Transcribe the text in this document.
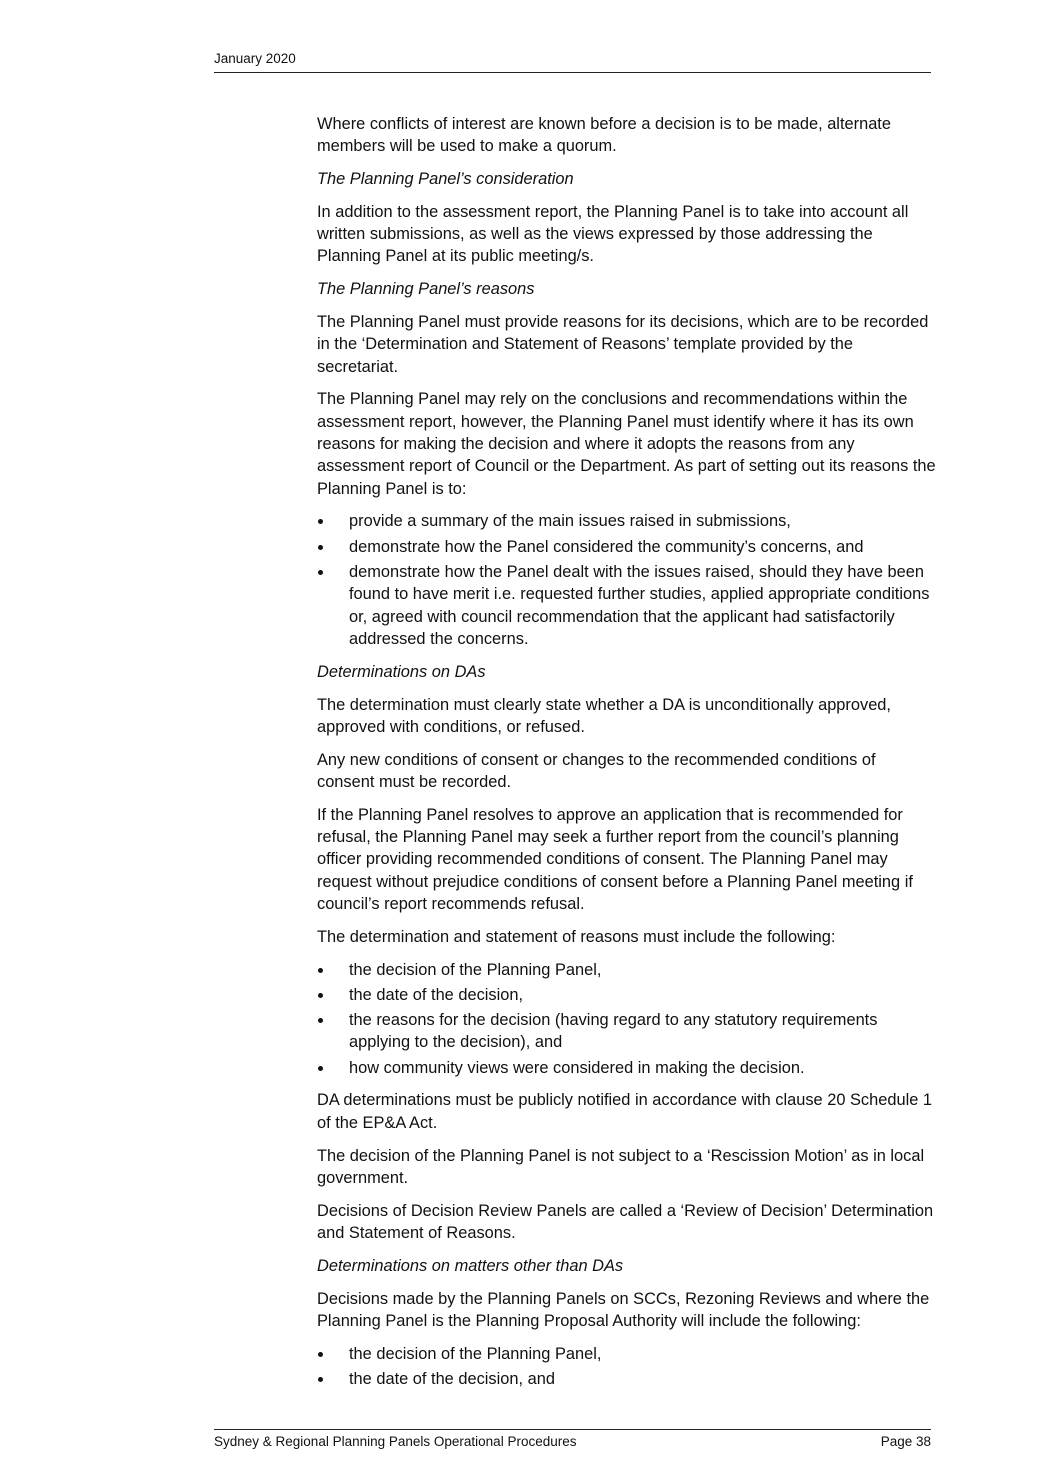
January 2020

Where conflicts of interest are known before a decision is to be made, alternate members will be used to make a quorum.

The Planning Panel’s consideration

In addition to the assessment report, the Planning Panel is to take into account all written submissions, as well as the views expressed by those addressing the Planning Panel at its public meeting/s.

The Planning Panel’s reasons

The Planning Panel must provide reasons for its decisions, which are to be recorded in the ‘Determination and Statement of Reasons’ template provided by the secretariat.

The Planning Panel may rely on the conclusions and recommendations within the assessment report, however, the Planning Panel must identify where it has its own reasons for making the decision and where it adopts the reasons from any assessment report of Council or the Department. As part of setting out its reasons the Planning Panel is to:

provide a summary of the main issues raised in submissions,
demonstrate how the Panel considered the community’s concerns, and
demonstrate how the Panel dealt with the issues raised, should they have been found to have merit i.e. requested further studies, applied appropriate conditions or, agreed with council recommendation that the applicant had satisfactorily addressed the concerns.

Determinations on DAs

The determination must clearly state whether a DA is unconditionally approved, approved with conditions, or refused.

Any new conditions of consent or changes to the recommended conditions of consent must be recorded.

If the Planning Panel resolves to approve an application that is recommended for refusal, the Planning Panel may seek a further report from the council’s planning officer providing recommended conditions of consent. The Planning Panel may request without prejudice conditions of consent before a Planning Panel meeting if council’s report recommends refusal.

The determination and statement of reasons must include the following:

the decision of the Planning Panel,
the date of the decision,
the reasons for the decision (having regard to any statutory requirements applying to the decision), and
how community views were considered in making the decision.

DA determinations must be publicly notified in accordance with clause 20 Schedule 1 of the EP&A Act.

The decision of the Planning Panel is not subject to a ‘Rescission Motion’ as in local government.

Decisions of Decision Review Panels are called a ‘Review of Decision’ Determination and Statement of Reasons.

Determinations on matters other than DAs

Decisions made by the Planning Panels on SCCs, Rezoning Reviews and where the Planning Panel is the Planning Proposal Authority will include the following:

the decision of the Planning Panel,
the date of the decision, and
Sydney & Regional Planning Panels Operational Procedures	Page 38
